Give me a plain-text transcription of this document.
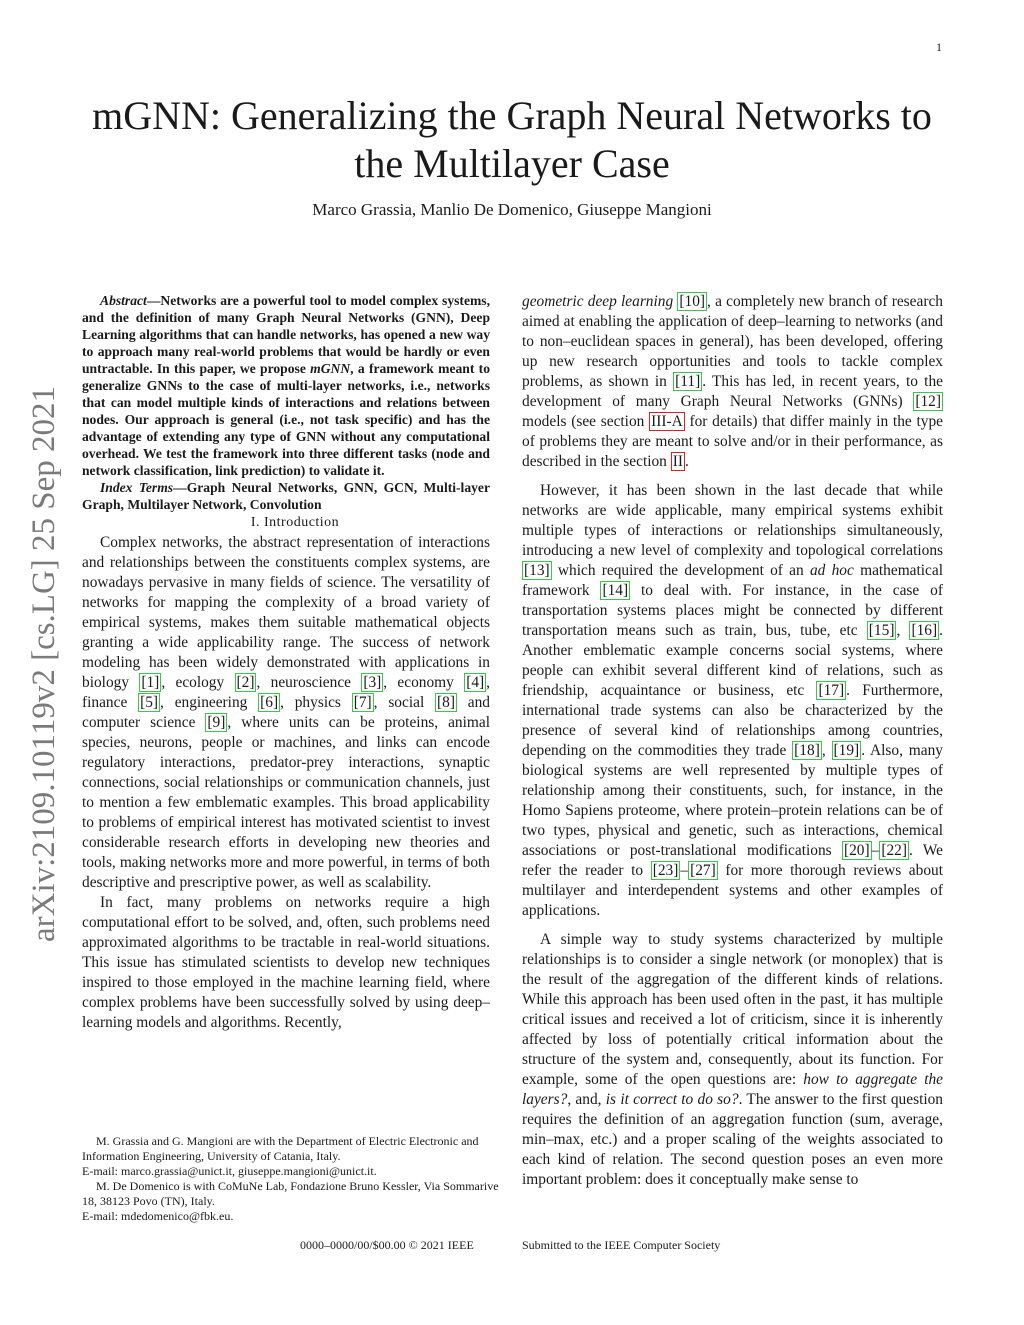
1
arXiv:2109.10119v2 [cs.LG] 25 Sep 2021
mGNN: Generalizing the Graph Neural Networks to the Multilayer Case
Marco Grassia, Manlio De Domenico, Giuseppe Mangioni

Abstract—Networks are a powerful tool to model complex systems, and the definition of many Graph Neural Networks (GNN), Deep Learning algorithms that can handle networks, has opened a new way to approach many real-world problems that would be hardly or even untractable. In this paper, we propose mGNN, a framework meant to generalize GNNs to the case of multi-layer networks, i.e., networks that can model multiple kinds of interactions and relations between nodes. Our approach is general (i.e., not task specific) and has the advantage of extending any type of GNN without any computational overhead. We test the framework into three different tasks (node and network classification, link prediction) to validate it.

Index Terms—Graph Neural Networks, GNN, GCN, Multi-layer Graph, Multilayer Network, Convolution

I. Introduction

Complex networks, the abstract representation of interactions and relationships between the constituents complex systems, are nowadays pervasive in many fields of science. The versatility of networks for mapping the complexity of a broad variety of empirical systems, makes them suitable mathematical objects granting a wide applicability range. The success of network modeling has been widely demonstrated with applications in biology [1] , ecology [2] , neuroscience [3] , economy [4] , finance [5] , engineering [6] , physics [7] , social [8] and computer science [9] , where units can be proteins, animal species, neurons, people or machines, and links can encode regulatory interactions, predator-prey interactions, synaptic connections, social relationships or communication channels, just to mention a few emblematic examples. This broad applicability to problems of empirical interest has motivated scientist to invest considerable research efforts in developing new theories and tools, making networks more and more powerful, in terms of both descriptive and prescriptive power, as well as scalability.

In fact, many problems on networks require a high computational effort to be solved, and, often, such problems need approximated algorithms to be tractable in real-world situations. This issue has stimulated scientists to develop new techniques inspired to those employed in the machine learning field, where complex problems have been successfully solved by using deep–learning models and algorithms. Recently,

geometric deep learning [10] , a completely new branch of research aimed at enabling the application of deep–learning to networks (and to non–euclidean spaces in general), has been developed, offering up new research opportunities and tools to tackle complex problems, as shown in [11] . This has led, in recent years, to the development of many Graph Neural Networks (GNNs) [12] models (see section III-A for details) that differ mainly in the type of problems they are meant to solve and/or in their performance, as described in the section II .

However, it has been shown in the last decade that while networks are wide applicable, many empirical systems exhibit multiple types of interactions or relationships simultaneously, introducing a new level of complexity and topological correlations [13] which required the development of an ad hoc mathematical framework [14] to deal with. For instance, in the case of transportation systems places might be connected by different transportation means such as train, bus, tube, etc [15] , [16] . Another emblematic example concerns social systems, where people can exhibit several different kind of relations, such as friendship, acquaintance or business, etc [17] . Furthermore, international trade systems can also be characterized by the presence of several kind of relationships among countries, depending on the commodities they trade [18] , [19] . Also, many biological systems are well represented by multiple types of relationship among their constituents, such, for instance, in the Homo Sapiens proteome, where protein–protein relations can be of two types, physical and genetic, such as interactions, chemical associations or post-translational modifications [20] – [22] . We refer the reader to [23] – [27] for more thorough reviews about multilayer and interdependent systems and other examples of applications.

A simple way to study systems characterized by multiple relationships is to consider a single network (or monoplex) that is the result of the aggregation of the different kinds of relations. While this approach has been used often in the past, it has multiple critical issues and received a lot of criticism, since it is inherently affected by loss of potentially critical information about the structure of the system and, consequently, about its function. For example, some of the open questions are: how to aggregate the layers?, and, is it correct to do so?. The answer to the first question requires the definition of an aggregation function (sum, average, min–max, etc.) and a proper scaling of the weights associated to each kind of relation. The second question poses an even more important problem: does it conceptually make sense to

M. Grassia and G. Mangioni are with the Department of Electric Electronic and Information Engineering, University of Catania, Italy.

E-mail: marco.grassia@unict.it, giuseppe.mangioni@unict.it.

M. De Domenico is with CoMuNe Lab, Fondazione Bruno Kessler, Via Sommarive 18, 38123 Povo (TN), Italy.

E-mail: mdedomenico@fbk.eu.

0000–0000/00/$00.00 © 2021 IEEE	Submitted to the IEEE Computer Society
